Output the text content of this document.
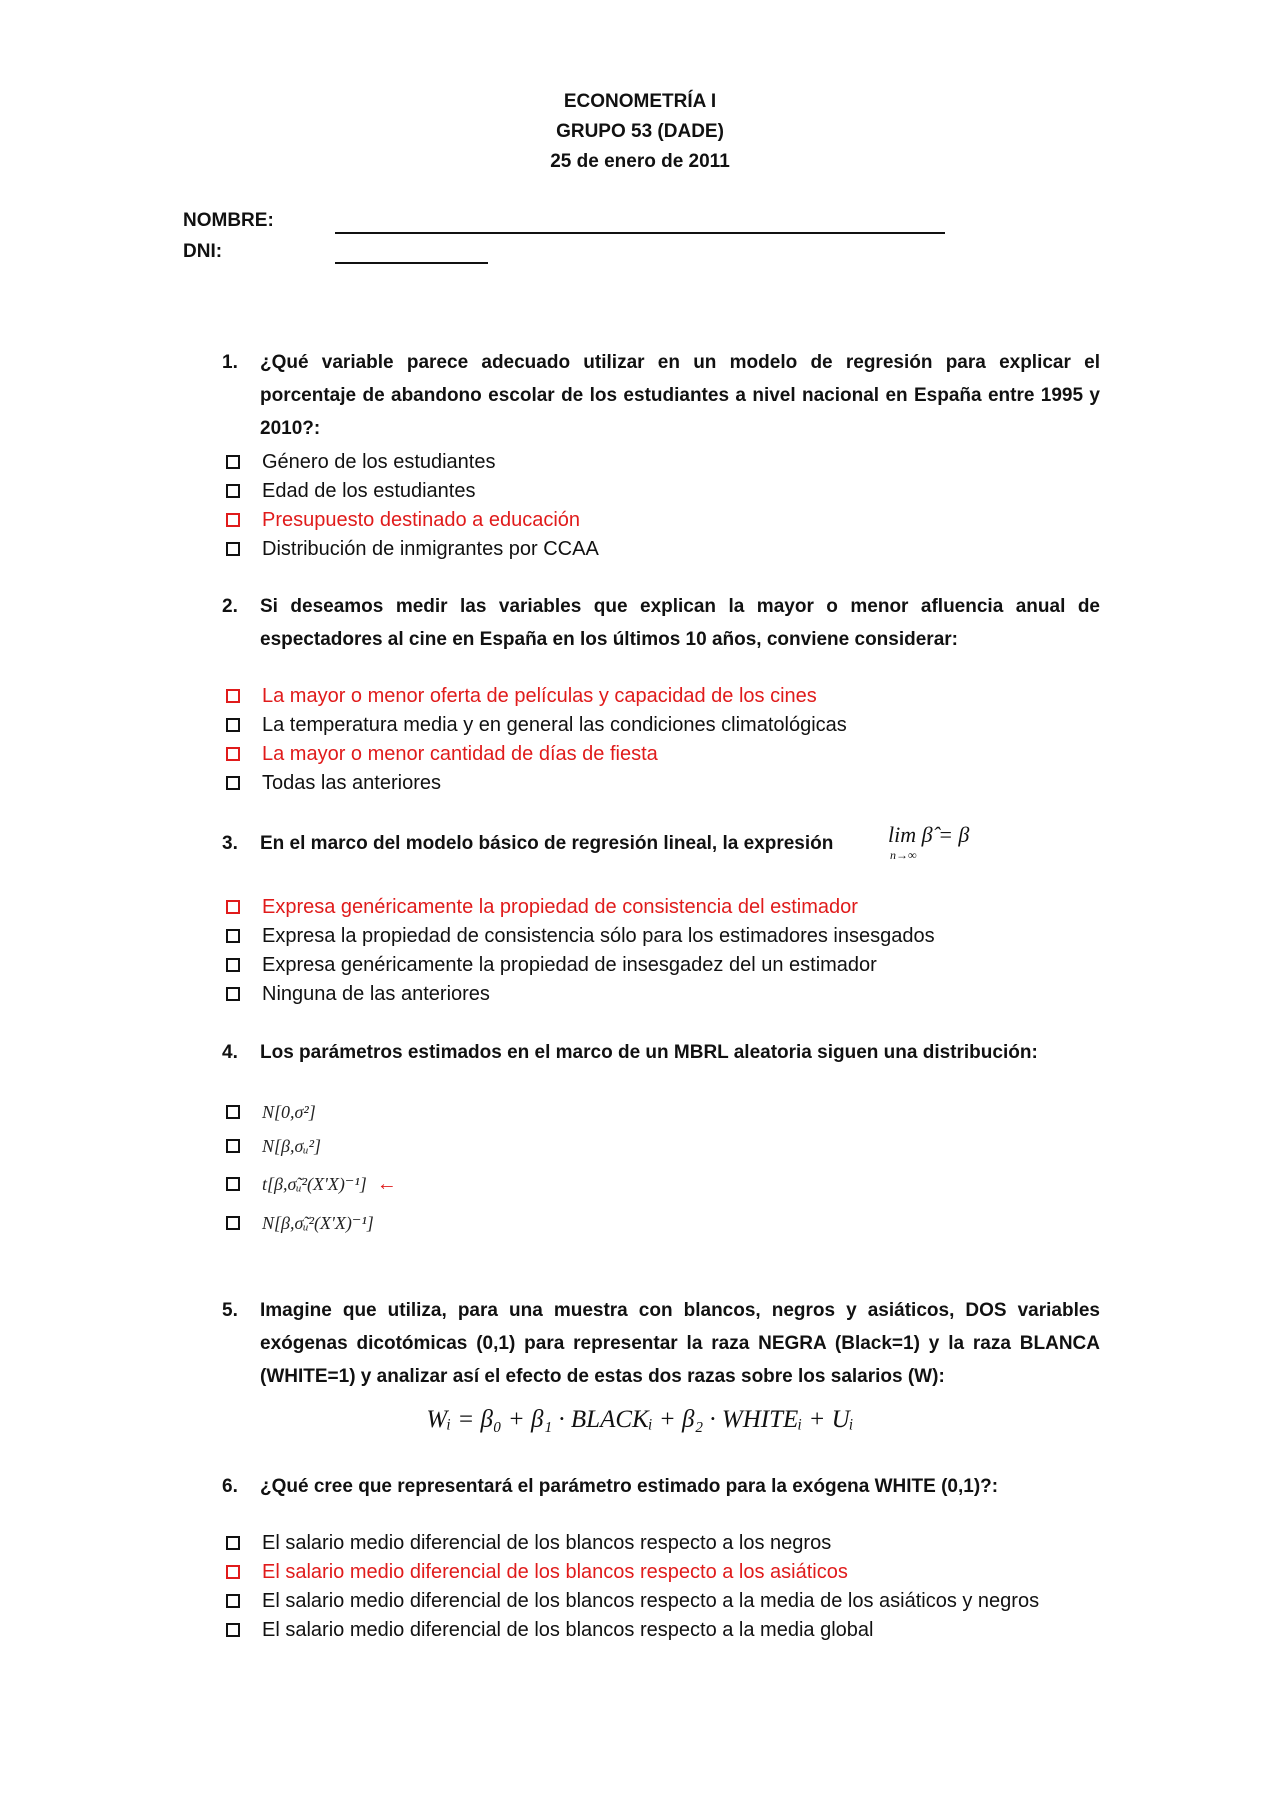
ECONOMETRÍA I
GRUPO 53 (DADE)
25 de enero de 2011
NOMBRE:
DNI:
1. ¿Qué variable parece adecuado utilizar en un modelo de regresión para explicar el porcentaje de abandono escolar de los estudiantes a nivel nacional en España entre 1995 y 2010?:
Género de los estudiantes
Edad de los estudiantes
Presupuesto destinado a educación
Distribución de inmigrantes por CCAA
2. Si deseamos medir las variables que explican la mayor o menor afluencia anual de espectadores al cine en España en los últimos 10 años, conviene considerar:
La mayor o menor oferta de películas y capacidad de los cines
La temperatura media y en general las condiciones climatológicas
La mayor o menor cantidad de días de fiesta
Todas las anteriores
3. En el marco del modelo básico de regresión lineal, la expresión	lim β̂ = β
n→∞
Expresa genéricamente la propiedad de consistencia del estimador
Expresa la propiedad de consistencia sólo para los estimadores insesgados
Expresa genéricamente la propiedad de insesgadez del un estimador
Ninguna de las anteriores
4. Los parámetros estimados en el marco de un MBRL aleatoria siguen una distribución:
N[0,σ²]
N[β,σᵤ²]
t[β,σ̃ᵤ²(X'X)⁻¹] ←
N[β,σ̃ᵤ²(X'X)⁻¹]
5. Imagine que utiliza, para una muestra con blancos, negros y asiáticos, DOS variables exógenas dicotómicas (0,1) para representar la raza NEGRA (Black=1) y la raza BLANCA (WHITE=1) y analizar así el efecto de estas dos razas sobre los salarios (W):
Wᵢ = β₀ + β₁ · BLACKᵢ + β₂ · WHITEᵢ + Uᵢ
6. ¿Qué cree que representará el parámetro estimado para la exógena WHITE (0,1)?:
El salario medio diferencial de los blancos respecto a los negros
El salario medio diferencial de los blancos respecto a los asiáticos
El salario medio diferencial de los blancos respecto a la media de los asiáticos y negros
El salario medio diferencial de los blancos respecto a la media global
